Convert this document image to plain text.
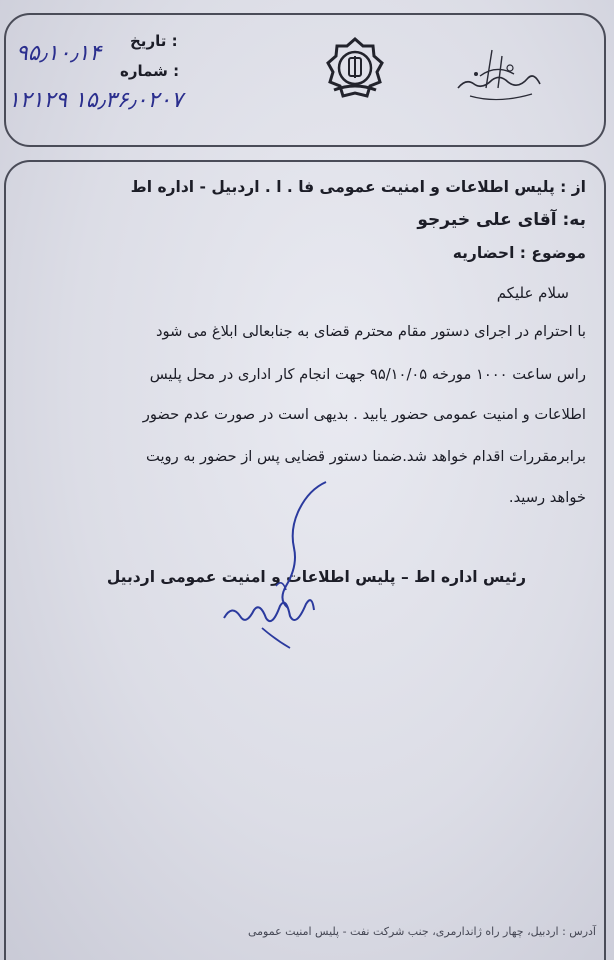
تاریخ :
شماره :
۹۵٫۱۰٫۱۴
۱۲۱۲۹ ۱۵٫۳۶٫۰۲۰۷
از : پلیس اطلاعات و امنیت عمومی فا . ا . اردبیل - اداره اط
به: آقای علی خیرجو
موضوع : احضاریه
سلام علیکم
با احترام در اجرای دستور مقام محترم قضای به جنابعالی ابلاغ می شود
راس ساعت ۱۰۰۰ مورخه ۹۵/۱۰/۰۵ جهت انجام کار اداری در محل پلیس
اطلاعات و امنیت عمومی حضور یابید . بدیهی است در صورت عدم حضور
برابرمقررات اقدام خواهد شد.ضمنا دستور قضایی پس از حضور به رویت
خواهد رسید.
رئیس اداره اط – پلیس اطلاعات و امنیت عمومی اردبیل
آدرس : اردبیل، چهار راه ژاندارمری، جنب شرکت نفت - پلیس امنیت عمومی
